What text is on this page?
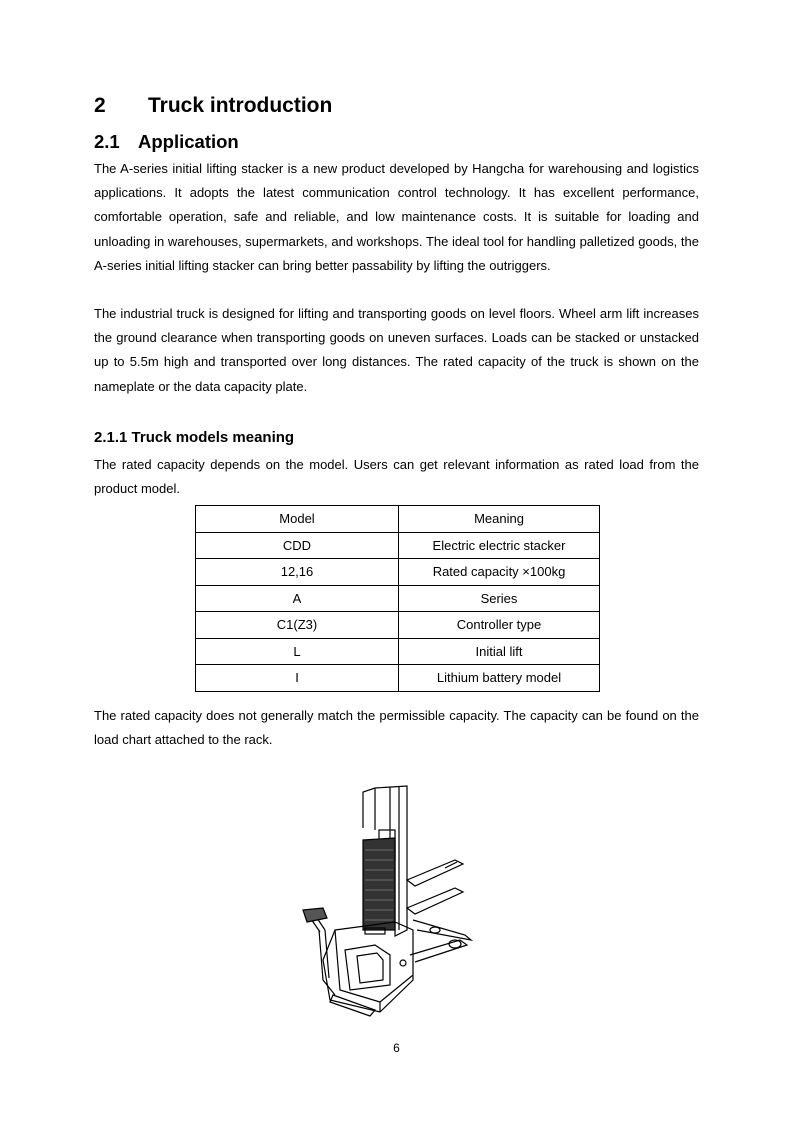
2 Truck introduction
2.1 Application

The A-series initial lifting stacker is a new product developed by Hangcha for warehousing and logistics applications. It adopts the latest communication control technology. It has excellent performance, comfortable operation, safe and reliable, and low maintenance costs. It is suitable for loading and unloading in warehouses, supermarkets, and workshops. The ideal tool for handling palletized goods, the A-series initial lifting stacker can bring better passability by lifting the outriggers.

The industrial truck is designed for lifting and transporting goods on level floors. Wheel arm lift increases the ground clearance when transporting goods on uneven surfaces. Loads can be stacked or unstacked up to 5.5m high and transported over long distances. The rated capacity of the truck is shown on the nameplate or the data capacity plate.

2.1.1 Truck models meaning

The rated capacity depends on the model. Users can get relevant information as rated load from the product model.

Model	Meaning
CDD	Electric electric stacker
12,16	Rated capacity ×100kg
A	Series
C1(Z3)	Controller type
L	Initial lift
I	Lithium battery model

The rated capacity does not generally match the permissible capacity. The capacity can be found on the load chart attached to the rack.

6
